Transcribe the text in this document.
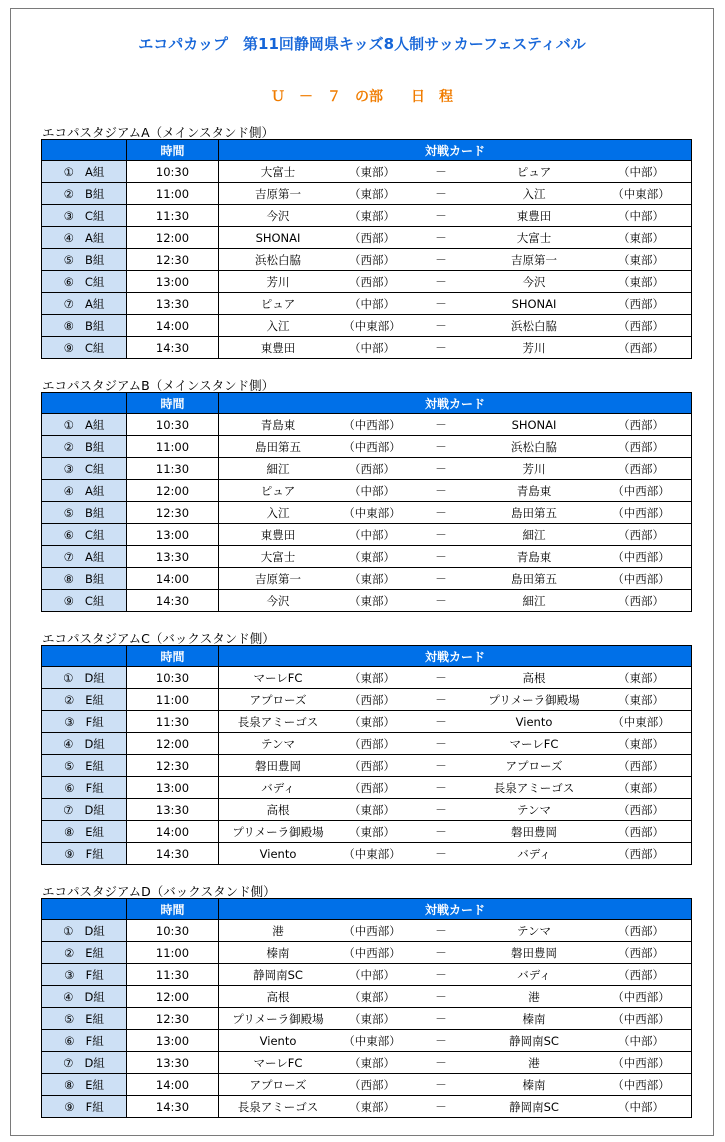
エコパカップ　第11回静岡県キッズ8人制サッカーフェスティバル
Ｕ　－　７　の部　　日　程
エコパスタジアムA（メインスタンド側）
	時間	対戦カード
① A組	10:30	大富士 （東部） － ピュア （中部）

② B組	11:00	吉原第一 （東部） － 入江 （中東部）

③ C組	11:30	今沢 （東部） － 東豊田 （中部）

④ A組	12:00	SHONAI （西部） － 大富士 （東部）

⑤ B組	12:30	浜松白脇 （西部） － 吉原第一 （東部）

⑥ C組	13:00	芳川 （西部） － 今沢 （東部）

⑦ A組	13:30	ピュア （中部） － SHONAI （西部）

⑧ B組	14:00	入江 （中東部） － 浜松白脇 （西部）

⑨ C組	14:30	東豊田 （中部） － 芳川 （西部）
エコパスタジアムB（メインスタンド側）
	時間	対戦カード
① A組	10:30	青島東 （中西部） － SHONAI （西部）

② B組	11:00	島田第五 （中西部） － 浜松白脇 （西部）

③ C組	11:30	細江 （西部） － 芳川 （西部）

④ A組	12:00	ピュア （中部） － 青島東 （中西部）

⑤ B組	12:30	入江 （中東部） － 島田第五 （中西部）

⑥ C組	13:00	東豊田 （中部） － 細江 （西部）

⑦ A組	13:30	大富士 （東部） － 青島東 （中西部）

⑧ B組	14:00	吉原第一 （東部） － 島田第五 （中西部）

⑨ C組	14:30	今沢 （東部） － 細江 （西部）
エコパスタジアムC（バックスタンド側）
	時間	対戦カード
① D組	10:30	マーレFC （東部） － 高根 （東部）

② E組	11:00	アプローズ （西部） － プリメーラ御殿場 （東部）

③ F組	11:30	長泉アミーゴス （東部） － Viento （中東部）

④ D組	12:00	テンマ （西部） － マーレFC （東部）

⑤ E組	12:30	磐田豊岡 （西部） － アプローズ （西部）

⑥ F組	13:00	バディ （西部） － 長泉アミーゴス （東部）

⑦ D組	13:30	高根 （東部） － テンマ （西部）

⑧ E組	14:00	プリメーラ御殿場 （東部） － 磐田豊岡 （西部）

⑨ F組	14:30	Viento （中東部） － バディ （西部）
エコパスタジアムD（バックスタンド側）
	時間	対戦カード
① D組	10:30	港 （中西部） － テンマ （西部）

② E組	11:00	榛南 （中西部） － 磐田豊岡 （西部）

③ F組	11:30	静岡南SC （中部） － バディ （西部）

④ D組	12:00	高根 （東部） － 港 （中西部）

⑤ E組	12:30	プリメーラ御殿場 （東部） － 榛南 （中西部）

⑥ F組	13:00	Viento （中東部） － 静岡南SC （中部）

⑦ D組	13:30	マーレFC （東部） － 港 （中西部）

⑧ E組	14:00	アプローズ （西部） － 榛南 （中西部）

⑨ F組	14:30	長泉アミーゴス （東部） － 静岡南SC （中部）
